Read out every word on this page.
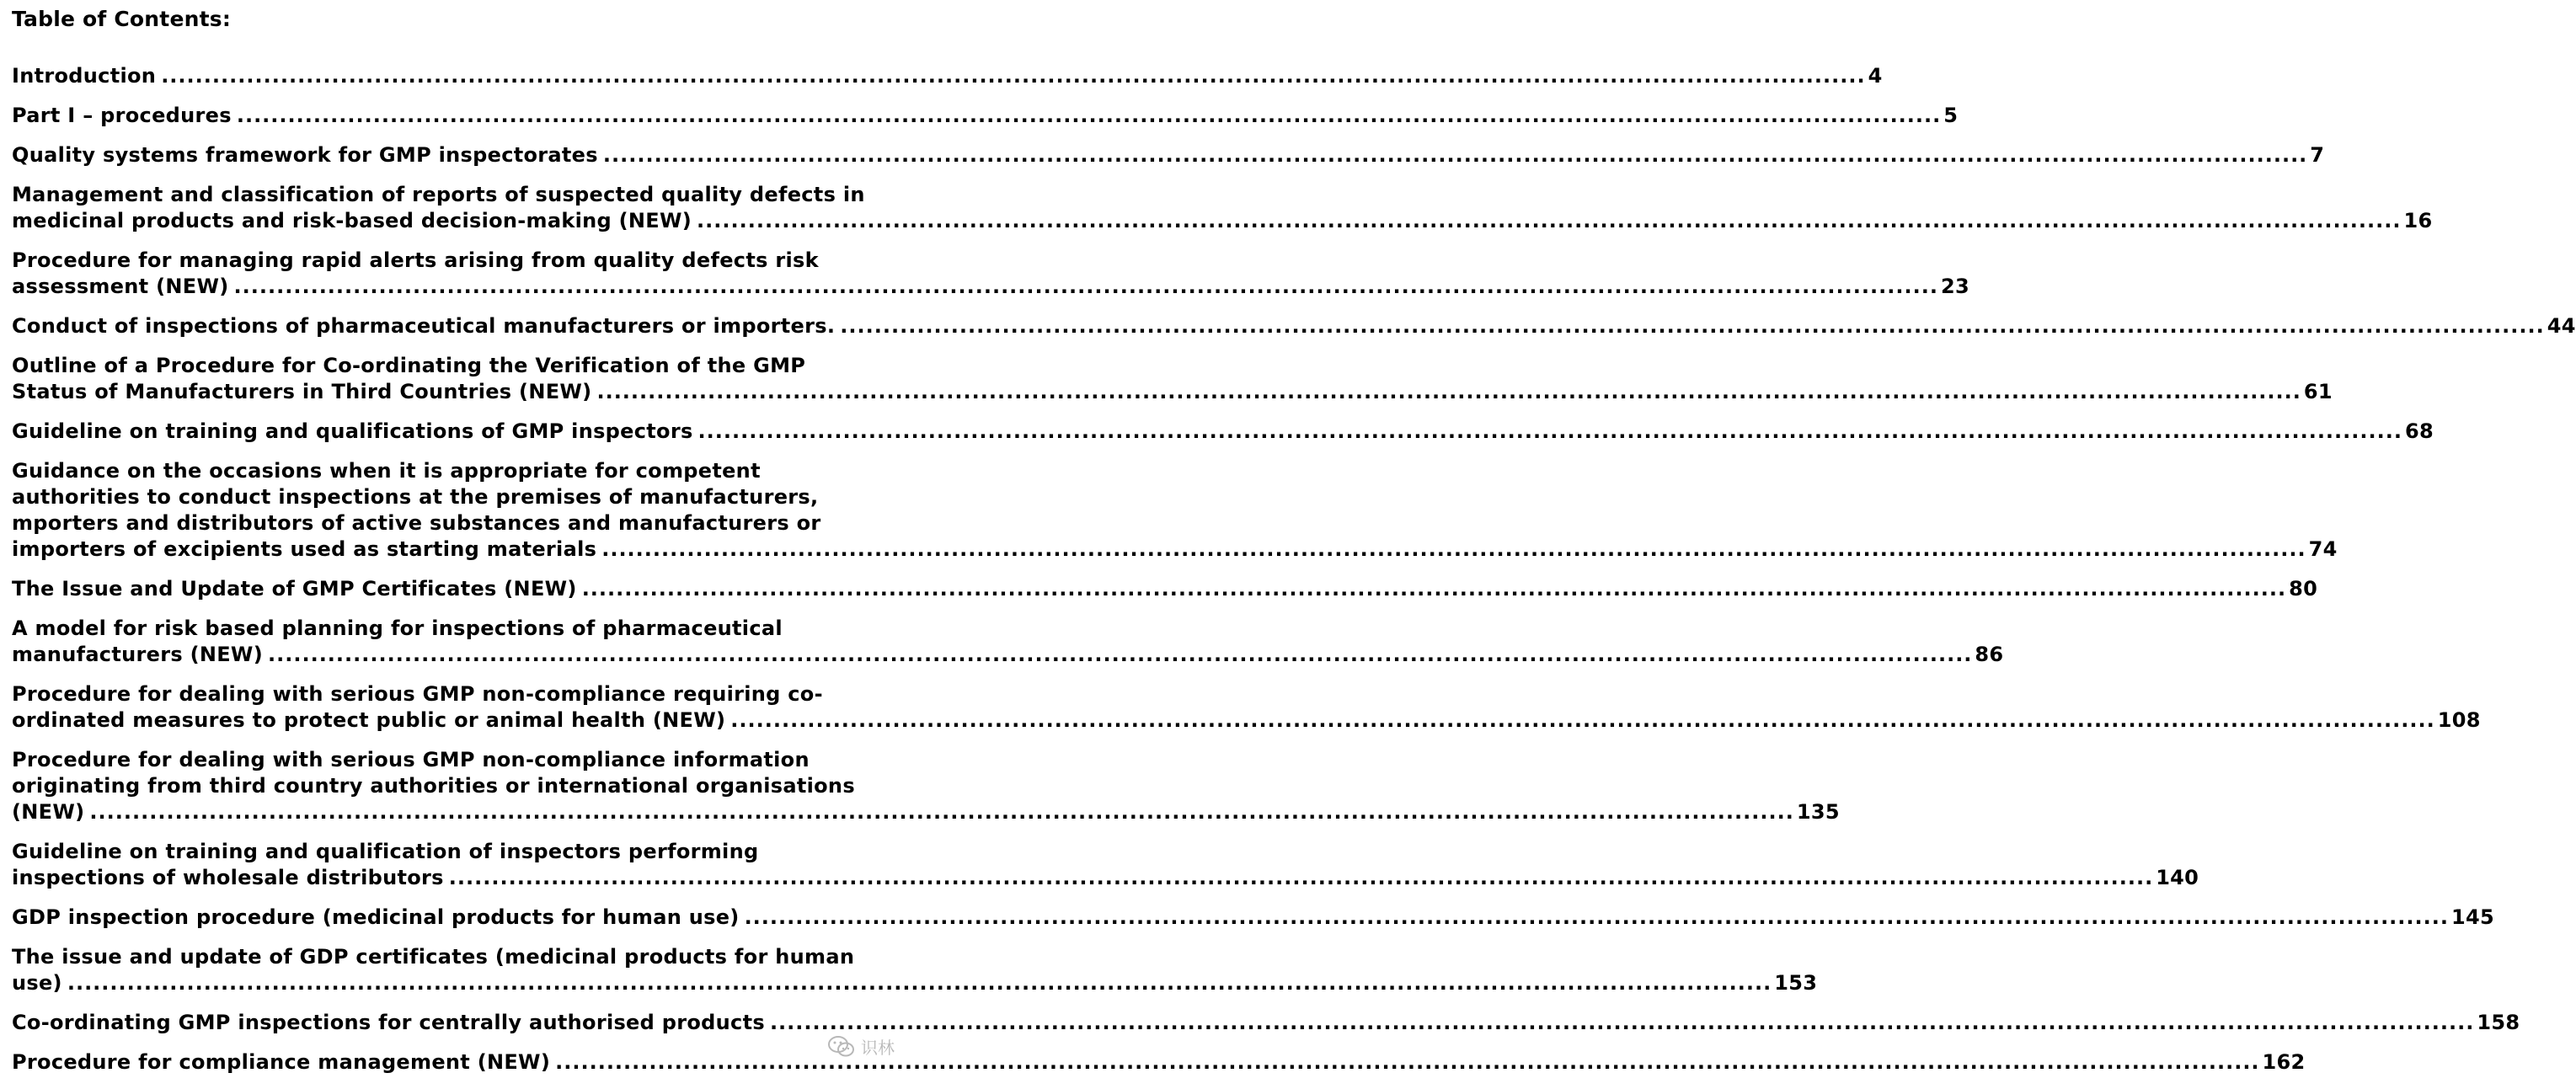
Table of Contents:
Introduction .....	4
Part I – procedures .....	5
Quality systems framework for GMP inspectorates .....	7
Management and classification of reports of suspected quality defects in
medicinal products and risk-based decision-making (NEW) .....	16
Procedure for managing rapid alerts arising from quality defects risk
assessment (NEW) .....	23
Conduct of inspections of pharmaceutical manufacturers or importers. .....	44
Outline of a Procedure for Co-ordinating the Verification of the GMP
Status of Manufacturers in Third Countries (NEW) .....	61
Guideline on training and qualifications of GMP inspectors .....	68
Guidance on the occasions when it is appropriate for competent
authorities to conduct inspections at the premises of manufacturers,
mporters and distributors of active substances and manufacturers or
importers of excipients used as starting materials .....	74
The Issue and Update of GMP Certificates (NEW) .....	80
A model for risk based planning for inspections of pharmaceutical
manufacturers (NEW) .....	86
Procedure for dealing with serious GMP non-compliance requiring co-
ordinated measures to protect public or animal health (NEW) .....	108
Procedure for dealing with serious GMP non-compliance information
originating from third country authorities or international organisations
(NEW) .....	135
Guideline on training and qualification of inspectors performing
inspections of wholesale distributors .....	140
GDP inspection procedure (medicinal products for human use) .....	145
The issue and update of GDP certificates (medicinal products for human
use) .....	153
Co-ordinating GMP inspections for centrally authorised products .....	158
Procedure for compliance management (NEW) .....	162
识林
